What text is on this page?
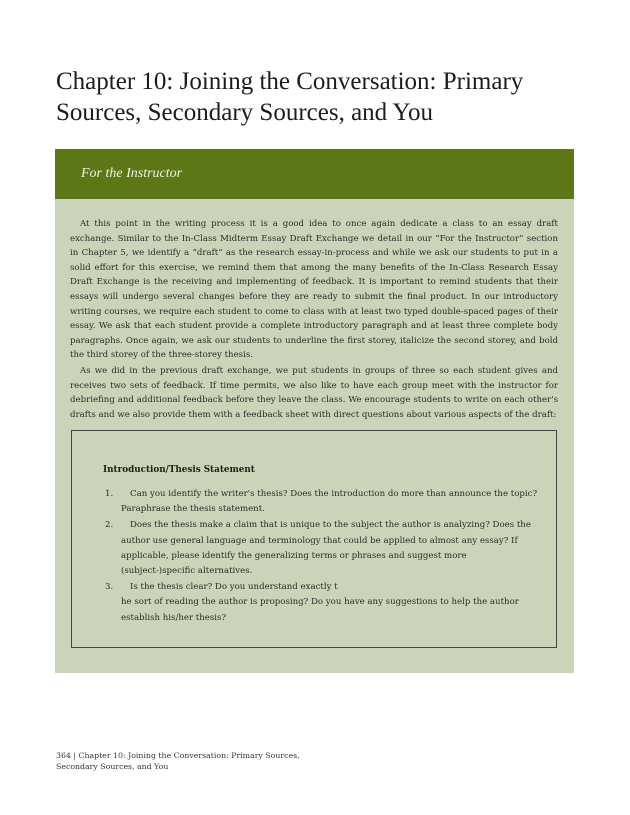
Chapter 10: Joining the Conversation: Primary Sources, Secondary Sources, and You
For the Instructor

At this point in the writing process it is a good idea to once again dedicate a class to an essay draft exchange. Similar to the In-Class Midterm Essay Draft Exchange we detail in our “For the Instructor” section in Chapter 5, we identify a “draft” as the research essay-in-process and while we ask our students to put in a solid effort for this exercise, we remind them that among the many benefits of the In-Class Research Essay Draft Exchange is the receiving and implementing of feedback. It is important to remind students that their essays will undergo several changes before they are ready to submit the final product. In our introductory writing courses, we require each student to come to class with at least two typed double-spaced pages of their essay. We ask that each student provide a complete introductory paragraph and at least three complete body paragraphs. Once again, we ask our students to underline the first storey, italicize the second storey, and bold the third storey of the three-storey thesis.

As we did in the previous draft exchange, we put students in groups of three so each student gives and receives two sets of feedback. If time permits, we also like to have each group meet with the instructor for debriefing and additional feedback before they leave the class. We encourage students to write on each other's drafts and we also provide them with a feedback sheet with direct questions about various aspects of the draft:

Introduction/Thesis Statement
1.	Can you identify the writer's thesis? Does the introduction do more than announce the topic? Paraphrase the thesis statement.
2.	Does the thesis make a claim that is unique to the subject the author is analyzing? Does the author use general language and terminology that could be applied to almost any essay? If applicable, please identify the generalizing terms or phrases and suggest more (subject-)specific alternatives.
3.	Is the thesis clear? Do you understand exactly t
he sort of reading the author is proposing? Do you have any suggestions to help the author establish his/her thesis?
364 | Chapter 10: Joining the Conversation: Primary Sources, Secondary Sources, and You
